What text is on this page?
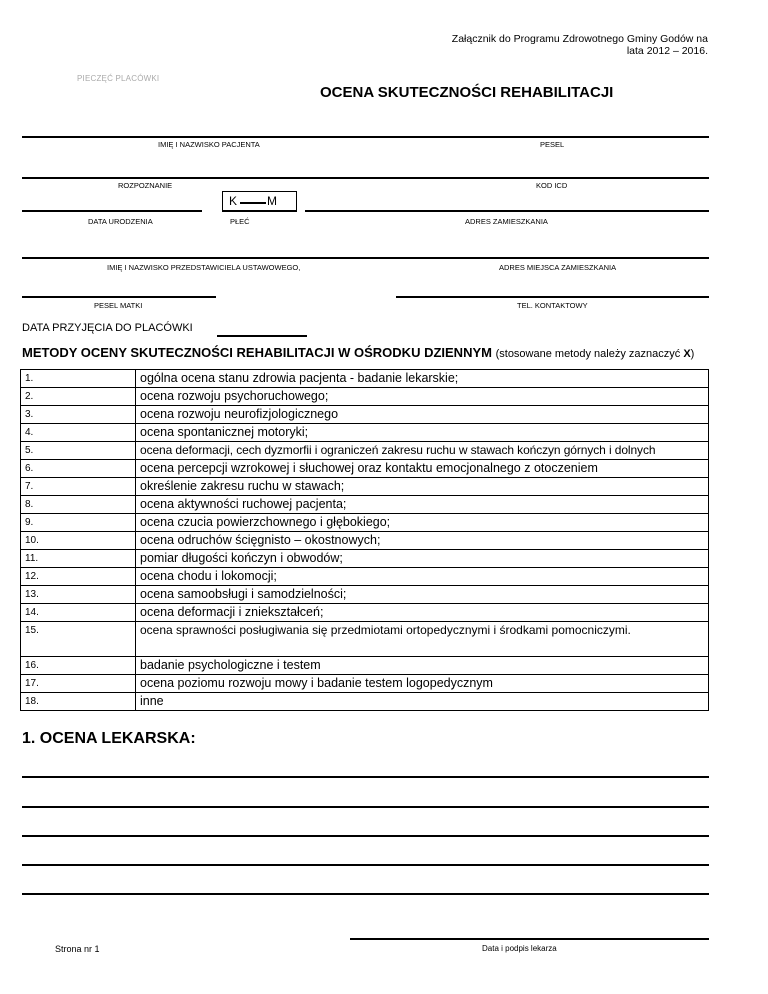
Załącznik do Programu Zdrowotnego Gminy Godów na
lata 2012 – 2016.
PIECZĘĆ PLACÓWKI
OCENA SKUTECZNOŚCI REHABILITACJI
IMIĘ I NAZWISKO PACJENTA	PESEL
ROZPOZNANIE	KOD ICD
K M
DATA URODZENIA	PŁEĆ	ADRES ZAMIESZKANIA
IMIĘ I NAZWISKO PRZEDSTAWICIELA USTAWOWEGO,	ADRES MIEJSCA ZAMIESZKANIA
PESEL MATKI	TEL. KONTAKTOWY
DATA PRZYJĘCIA DO PLACÓWKI
METODY OCENY SKUTECZNOŚCI REHABILITACJI W OŚRODKU DZIENNYM (stosowane metody należy zaznaczyć X)
1.		ogólna ocena stanu zdrowia pacjenta - badanie lekarskie;
2.		ocena rozwoju psychoruchowego;
3.		ocena rozwoju neurofizjologicznego
4.		ocena spontanicznej motoryki;
5.		ocena deformacji, cech dyzmorfii i ograniczeń zakresu ruchu w stawach kończyn górnych i dolnych
6.		ocena percepcji wzrokowej i słuchowej oraz kontaktu emocjonalnego z otoczeniem
7.		określenie zakresu ruchu w stawach;
8.		ocena aktywności ruchowej pacjenta;
9.		ocena czucia powierzchownego i głębokiego;
10.		ocena odruchów ścięgnisto – okostnowych;
11.		pomiar długości kończyn i obwodów;
12.		ocena chodu i lokomocji;
13.		ocena samoobsługi i samodzielności;
14.		ocena deformacji i zniekształceń;
15.		ocena sprawności posługiwania się przedmiotami ortopedycznymi i środkami pomocniczymi.
16.		badanie psychologiczne i testem
17.		ocena poziomu rozwoju mowy i badanie testem logopedycznym
18.		inne
1. OCENA LEKARSKA:
Strona nr 1	Data i podpis lekarza
